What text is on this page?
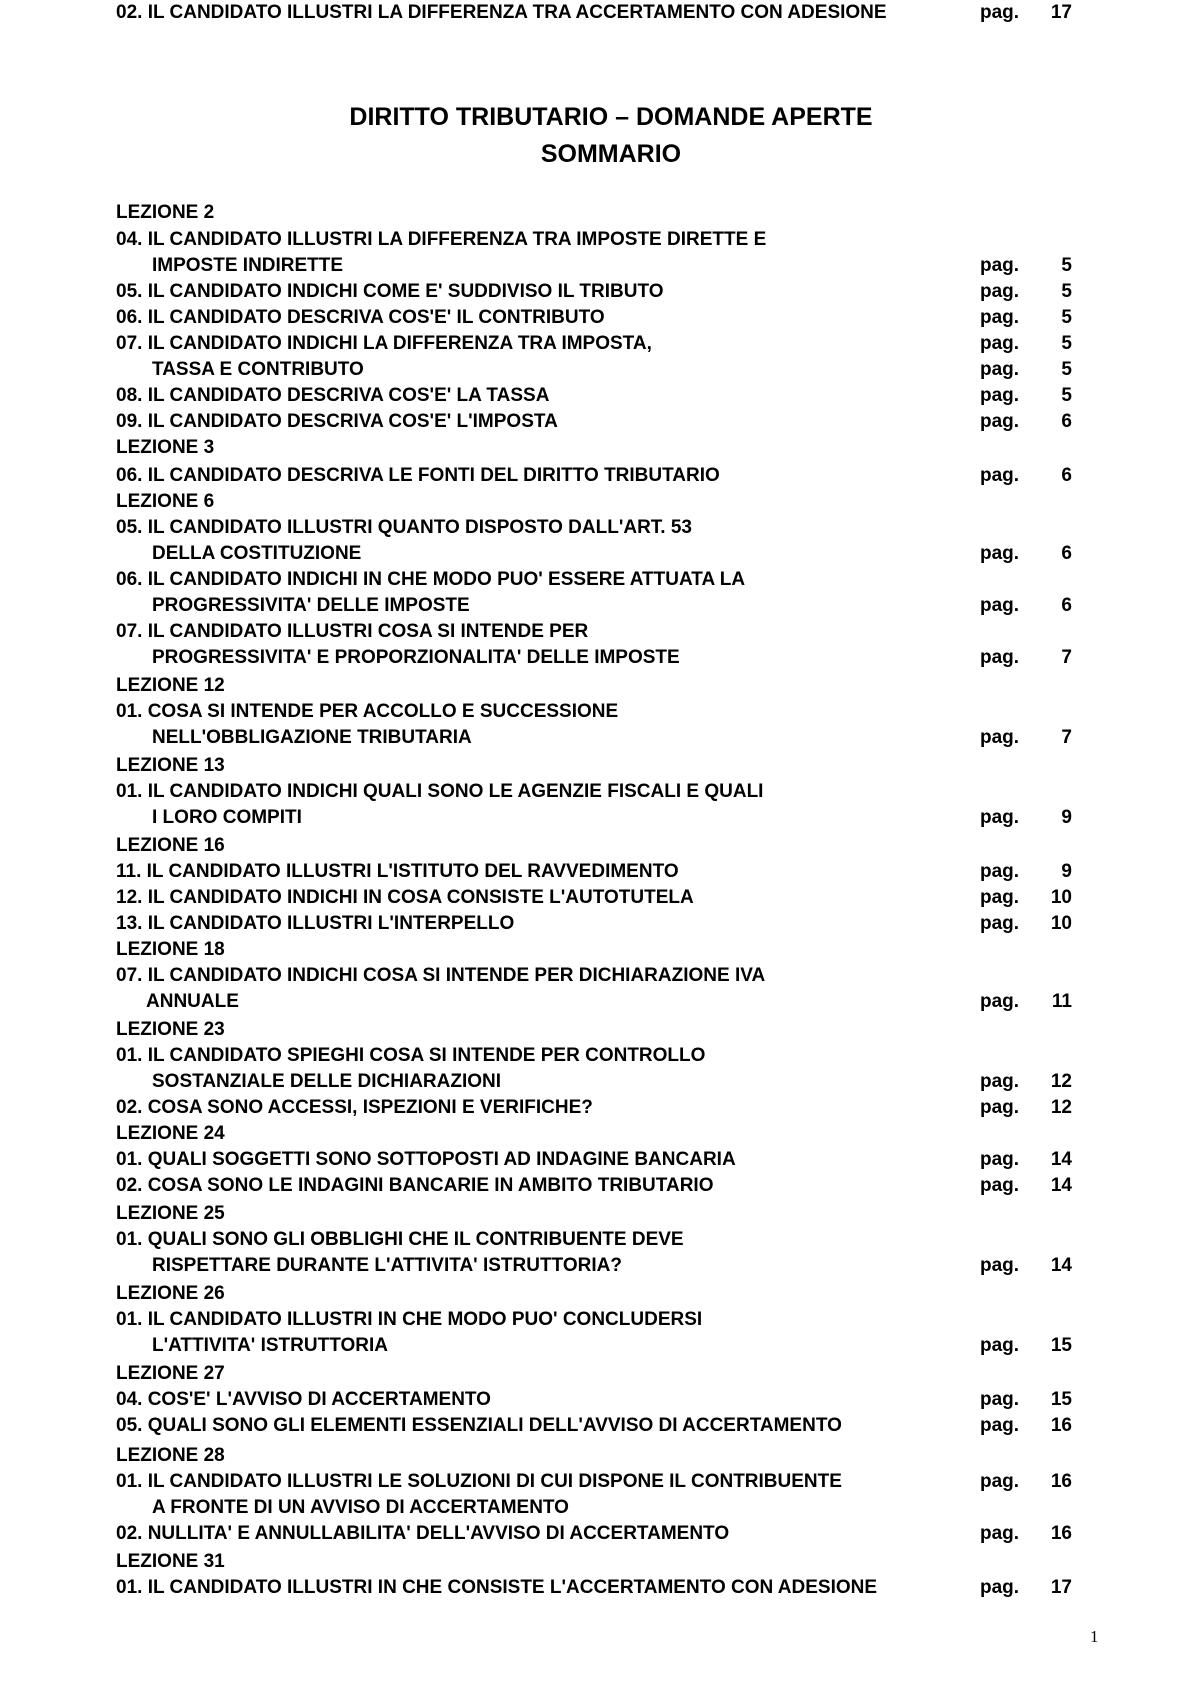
DIRITTO TRIBUTARIO – DOMANDE APERTE
SOMMARIO
LEZIONE 2
04. IL CANDIDATO ILLUSTRI LA DIFFERENZA TRA IMPOSTE DIRETTE E
IMPOSTE INDIRETTE	pag.	5
05. IL CANDIDATO INDICHI COME E' SUDDIVISO IL TRIBUTO	pag.	5
06. IL CANDIDATO DESCRIVA COS'E' IL CONTRIBUTO	pag.	5
07. IL CANDIDATO INDICHI LA DIFFERENZA TRA IMPOSTA,	pag.	5
TASSA E CONTRIBUTO	pag.	5
08. IL CANDIDATO DESCRIVA COS'E' LA TASSA	pag.	5
09. IL CANDIDATO DESCRIVA COS'E' L'IMPOSTA	pag.	6
LEZIONE 3
06. IL CANDIDATO DESCRIVA LE FONTI DEL DIRITTO TRIBUTARIO	pag.	6
LEZIONE 6
05. IL CANDIDATO ILLUSTRI QUANTO DISPOSTO DALL'ART. 53
DELLA COSTITUZIONE	pag.	6
06. IL CANDIDATO INDICHI IN CHE MODO PUO' ESSERE ATTUATA LA
PROGRESSIVITA' DELLE IMPOSTE	pag.	6
07. IL CANDIDATO ILLUSTRI COSA SI INTENDE PER
PROGRESSIVITA' E PROPORZIONALITA' DELLE IMPOSTE	pag.	7
LEZIONE 12
01. COSA SI INTENDE PER ACCOLLO E SUCCESSIONE
NELL'OBBLIGAZIONE TRIBUTARIA	pag.	7
LEZIONE 13
01. IL CANDIDATO INDICHI QUALI SONO LE AGENZIE FISCALI E QUALI
I LORO COMPITI	pag.	9
LEZIONE 16
11. IL CANDIDATO ILLUSTRI L'ISTITUTO DEL RAVVEDIMENTO	pag.	9
12. IL CANDIDATO INDICHI IN COSA CONSISTE L'AUTOTUTELA	pag.	10
13. IL CANDIDATO ILLUSTRI L'INTERPELLO	pag.	10
LEZIONE 18
07. IL CANDIDATO INDICHI COSA SI INTENDE PER DICHIARAZIONE IVA
ANNUALE	pag.	11
LEZIONE 23
01. IL CANDIDATO SPIEGHI COSA SI INTENDE PER CONTROLLO
SOSTANZIALE DELLE DICHIARAZIONI	pag.	12
02. COSA SONO ACCESSI, ISPEZIONI E VERIFICHE?	pag.	12
LEZIONE 24
01. QUALI SOGGETTI SONO SOTTOPOSTI AD INDAGINE BANCARIA	pag.	14
02. COSA SONO LE INDAGINI BANCARIE IN AMBITO TRIBUTARIO	pag.	14
LEZIONE 25
01. QUALI SONO GLI OBBLIGHI CHE IL CONTRIBUENTE DEVE
RISPETTARE DURANTE L'ATTIVITA' ISTRUTTORIA?	pag.	14
LEZIONE 26
01. IL CANDIDATO ILLUSTRI IN CHE MODO PUO' CONCLUDERSI
L'ATTIVITA' ISTRUTTORIA	pag.	15
LEZIONE 27
04. COS'E' L'AVVISO DI ACCERTAMENTO	pag.	15
05. QUALI SONO GLI ELEMENTI ESSENZIALI DELL'AVVISO DI ACCERTAMENTO	pag.	16
LEZIONE 28
01. IL CANDIDATO ILLUSTRI LE SOLUZIONI DI CUI DISPONE IL CONTRIBUENTE	pag.	16
A FRONTE DI UN AVVISO DI ACCERTAMENTO
02. NULLITA' E ANNULLABILITA' DELL'AVVISO DI ACCERTAMENTO	pag.	16
LEZIONE 31
01. IL CANDIDATO ILLUSTRI IN CHE CONSISTE L'ACCERTAMENTO CON ADESIONE	pag.	17
02. IL CANDIDATO ILLUSTRI LA DIFFERENZA TRA ACCERTAMENTO CON ADESIONE	pag.	17
1
